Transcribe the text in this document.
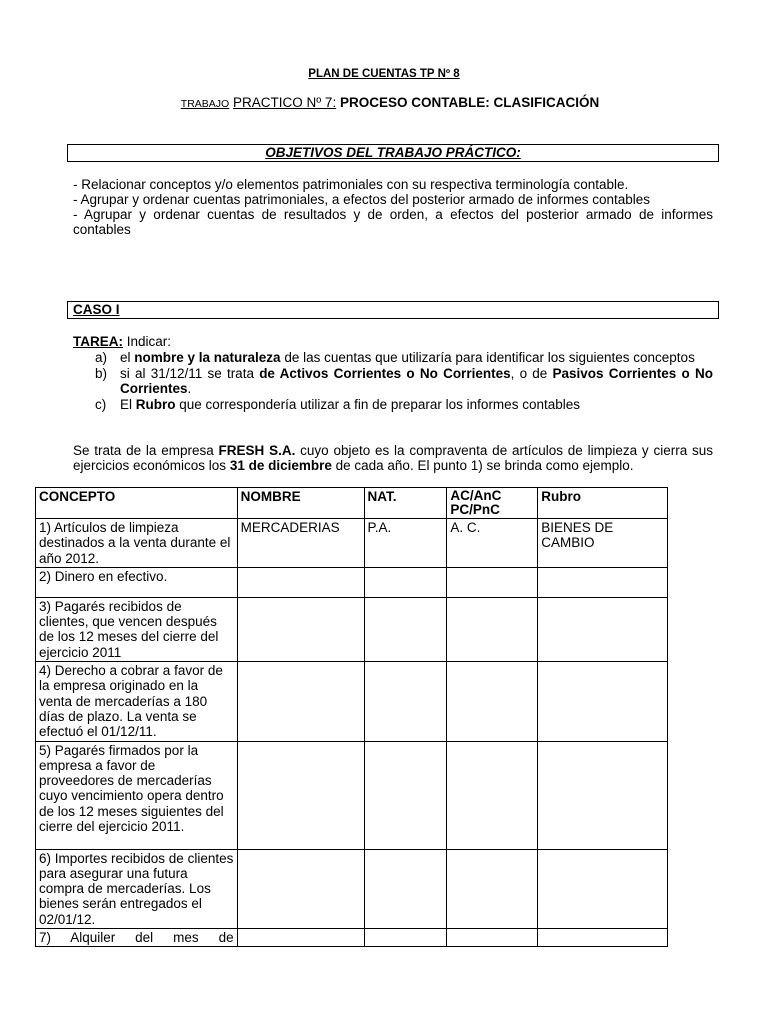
PLAN DE CUENTAS TP Nº 8
TRABAJO PRACTICO Nº 7: PROCESO CONTABLE: CLASIFICACIÓN
OBJETIVOS DEL TRABAJO PRÁCTICO:

- Relacionar conceptos y/o elementos patrimoniales con su respectiva terminología contable.

- Agrupar y ordenar cuentas patrimoniales, a efectos del posterior armado de informes contables

- Agrupar y ordenar cuentas de resultados y de orden, a efectos del posterior armado de informes contables

CASO I
TAREA: Indicar:

a) el nombre y la naturaleza de las cuentas que utilizaría para identificar los siguientes conceptos

b) si al 31/12/11 se trata de Activos Corrientes o No Corrientes, o de Pasivos Corrientes o No Corrientes.

c) El Rubro que correspondería utilizar a fin de preparar los informes contables

Se trata de la empresa FRESH S.A. cuyo objeto es la compraventa de artículos de limpieza y cierra sus ejercicios económicos los 31 de diciembre de cada año. El punto 1) se brinda como ejemplo.

CONCEPTO	NOMBRE	NAT.	AC/AnC PC/PnC	Rubro
1) Artículos de limpieza destinados a la venta durante el año 2012.	MERCADERIAS	P.A.	A. C.	BIENES DE CAMBIO
2) Dinero en efectivo.				
3) Pagarés recibidos de clientes, que vencen después de los 12 meses del cierre del ejercicio 2011				
4) Derecho a cobrar a favor de la empresa originado en la venta de mercaderías a 180 días de plazo. La venta se efectuó el 01/12/11.				
5) Pagarés firmados por la empresa a favor de proveedores de mercaderías cuyo vencimiento opera dentro de los 12 meses siguientes del cierre del ejercicio 2011.				
6) Importes recibidos de clientes para asegurar una futura compra de mercaderías. Los bienes serán entregados el 02/01/12.				
7) Alquiler del mes de				
